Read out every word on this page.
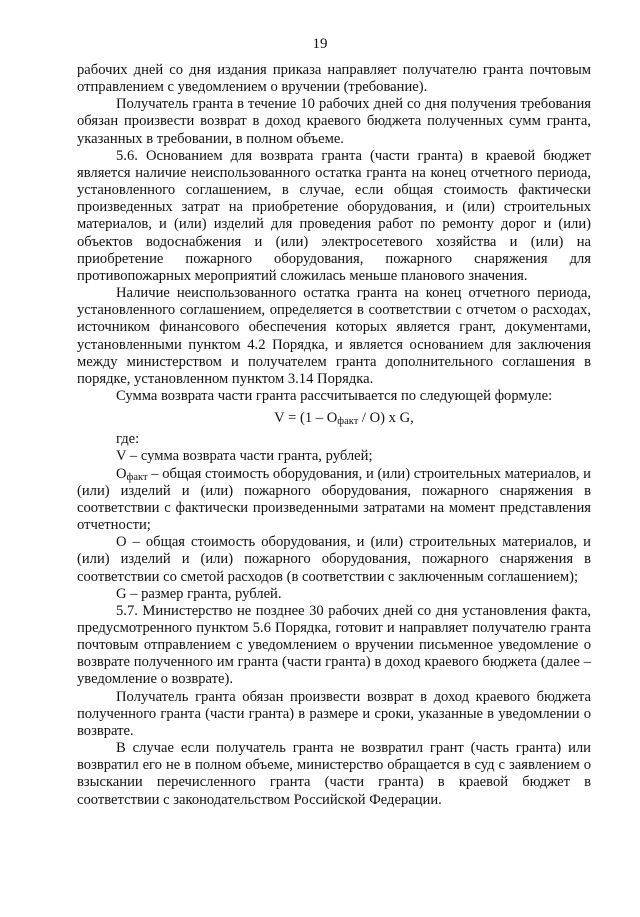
19

рабочих дней со дня издания приказа направляет получателю гранта почтовым отправлением с уведомлением о вручении (требование).

Получатель гранта в течение 10 рабочих дней со дня получения требования обязан произвести возврат в доход краевого бюджета полученных сумм гранта, указанных в требовании, в полном объеме.

5.6. Основанием для возврата гранта (части гранта) в краевой бюджет является наличие неиспользованного остатка гранта на конец отчетного периода, установленного соглашением, в случае, если общая стоимость фактически произведенных затрат на приобретение оборудования, и (или) строительных материалов, и (или) изделий для проведения работ по ремонту дорог и (или) объектов водоснабжения и (или) электросетевого хозяйства и (или) на приобретение пожарного оборудования, пожарного снаряжения для противопожарных мероприятий сложилась меньше планового значения.

Наличие неиспользованного остатка гранта на конец отчетного периода, установленного соглашением, определяется в соответствии с отчетом о расходах, источником финансового обеспечения которых является грант, документами, установленными пунктом 4.2 Порядка, и является основанием для заключения между министерством и получателем гранта дополнительного соглашения в порядке, установленном пунктом 3.14 Порядка.

Сумма возврата части гранта рассчитывается по следующей формуле:

$V = (1 - O_{факт} / O)$ x G,

где:

V – сумма возврата части гранта, рублей;

$O_{факт}$ – общая стоимость оборудования, и (или) строительных материалов, и (или) изделий и (или) пожарного оборудования, пожарного снаряжения в соответствии с фактически произведенными затратами на момент представления отчетности;

O – общая стоимость оборудования, и (или) строительных материалов, и (или) изделий и (или) пожарного оборудования, пожарного снаряжения в соответствии со сметой расходов (в соответствии с заключенным соглашением);

G – размер гранта, рублей.

5.7. Министерство не позднее 30 рабочих дней со дня установления факта, предусмотренного пунктом 5.6 Порядка, готовит и направляет получателю гранта почтовым отправлением с уведомлением о вручении письменное уведомление о возврате полученного им гранта (части гранта) в доход краевого бюджета (далее – уведомление о возврате).

Получатель гранта обязан произвести возврат в доход краевого бюджета полученного гранта (части гранта) в размере и сроки, указанные в уведомлении о возврате.

В случае если получатель гранта не возвратил грант (часть гранта) или возвратил его не в полном объеме, министерство обращается в суд с заявлением о взыскании перечисленного гранта (части гранта) в краевой бюджет в соответствии с законодательством Российской Федерации.
